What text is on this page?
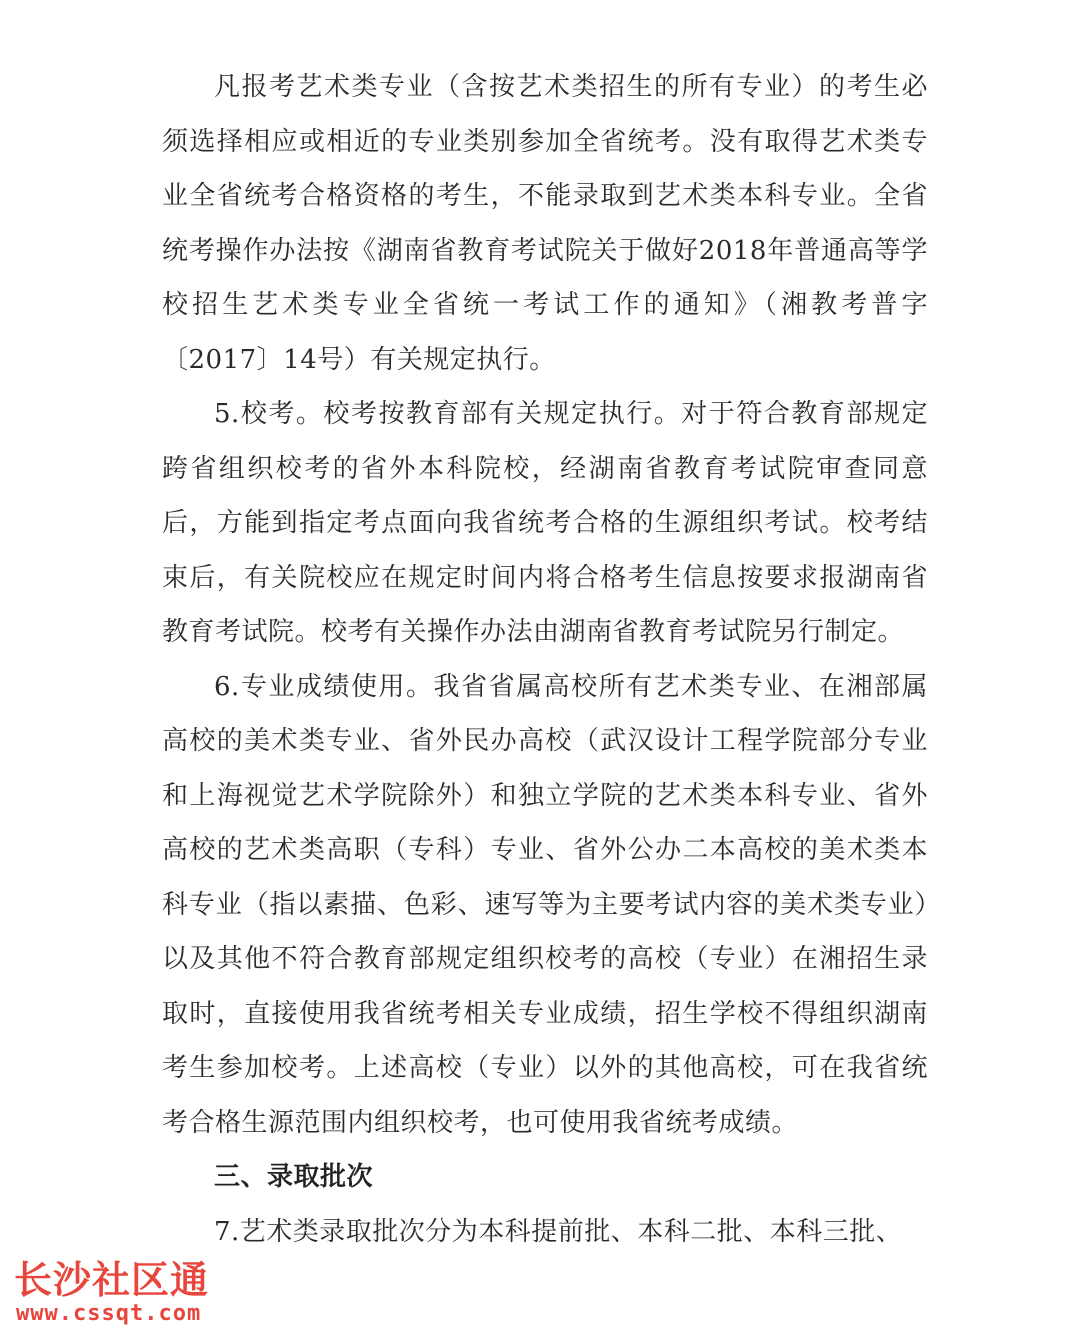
凡报考艺术类专业（含按艺术类招生的所有专业）的考生必须选择相应或相近的专业类别参加全省统考。没有取得艺术类专业全省统考合格资格的考生，不能录取到艺术类本科专业。全省统考操作办法按《湖南省教育考试院关于做好2018年普通高等学校招生艺术类专业全省统一考试工作的通知》（湘教考普字〔2017〕14号）有关规定执行。

5.校考。校考按教育部有关规定执行。对于符合教育部规定跨省组织校考的省外本科院校，经湖南省教育考试院审查同意后，方能到指定考点面向我省统考合格的生源组织考试。校考结束后，有关院校应在规定时间内将合格考生信息按要求报湖南省教育考试院。校考有关操作办法由湖南省教育考试院另行制定。

6.专业成绩使用。我省省属高校所有艺术类专业、在湘部属高校的美术类专业、省外民办高校（武汉设计工程学院部分专业和上海视觉艺术学院除外）和独立学院的艺术类本科专业、省外高校的艺术类高职（专科）专业、省外公办二本高校的美术类本科专业（指以素描、色彩、速写等为主要考试内容的美术类专业）以及其他不符合教育部规定组织校考的高校（专业）在湘招生录取时，直接使用我省统考相关专业成绩，招生学校不得组织湖南考生参加校考。上述高校（专业）以外的其他高校，可在我省统考合格生源范围内组织校考，也可使用我省统考成绩。

三、录取批次

7.艺术类录取批次分为本科提前批、本科二批、本科三批、

长沙社区通
www.cssqt.com
